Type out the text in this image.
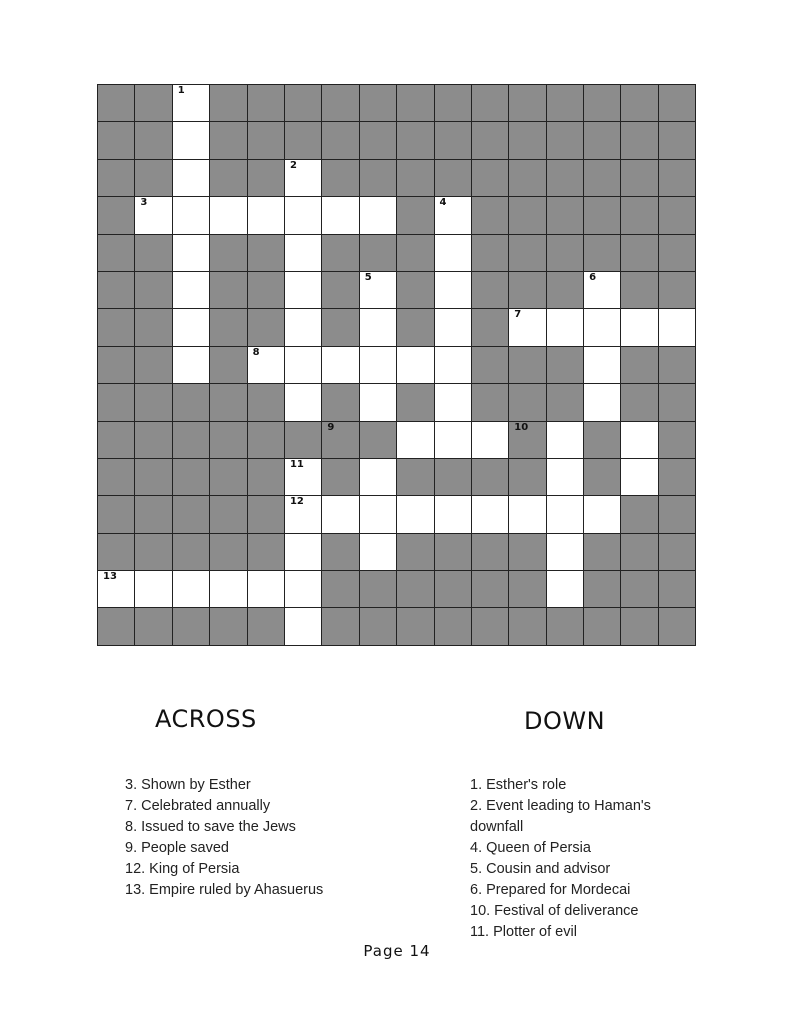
1
2
3	4
5	6
7
8
9	10
11
12
13
ACROSS	DOWN
3. Shown by Esther
7. Celebrated annually
8. Issued to save the Jews
9. People saved
12. King of Persia
13. Empire ruled by Ahasuerus
1. Esther's role
2. Event leading to Haman's downfall
4. Queen of Persia
5. Cousin and advisor
6. Prepared for Mordecai
10. Festival of deliverance
11. Plotter of evil
Page 14
